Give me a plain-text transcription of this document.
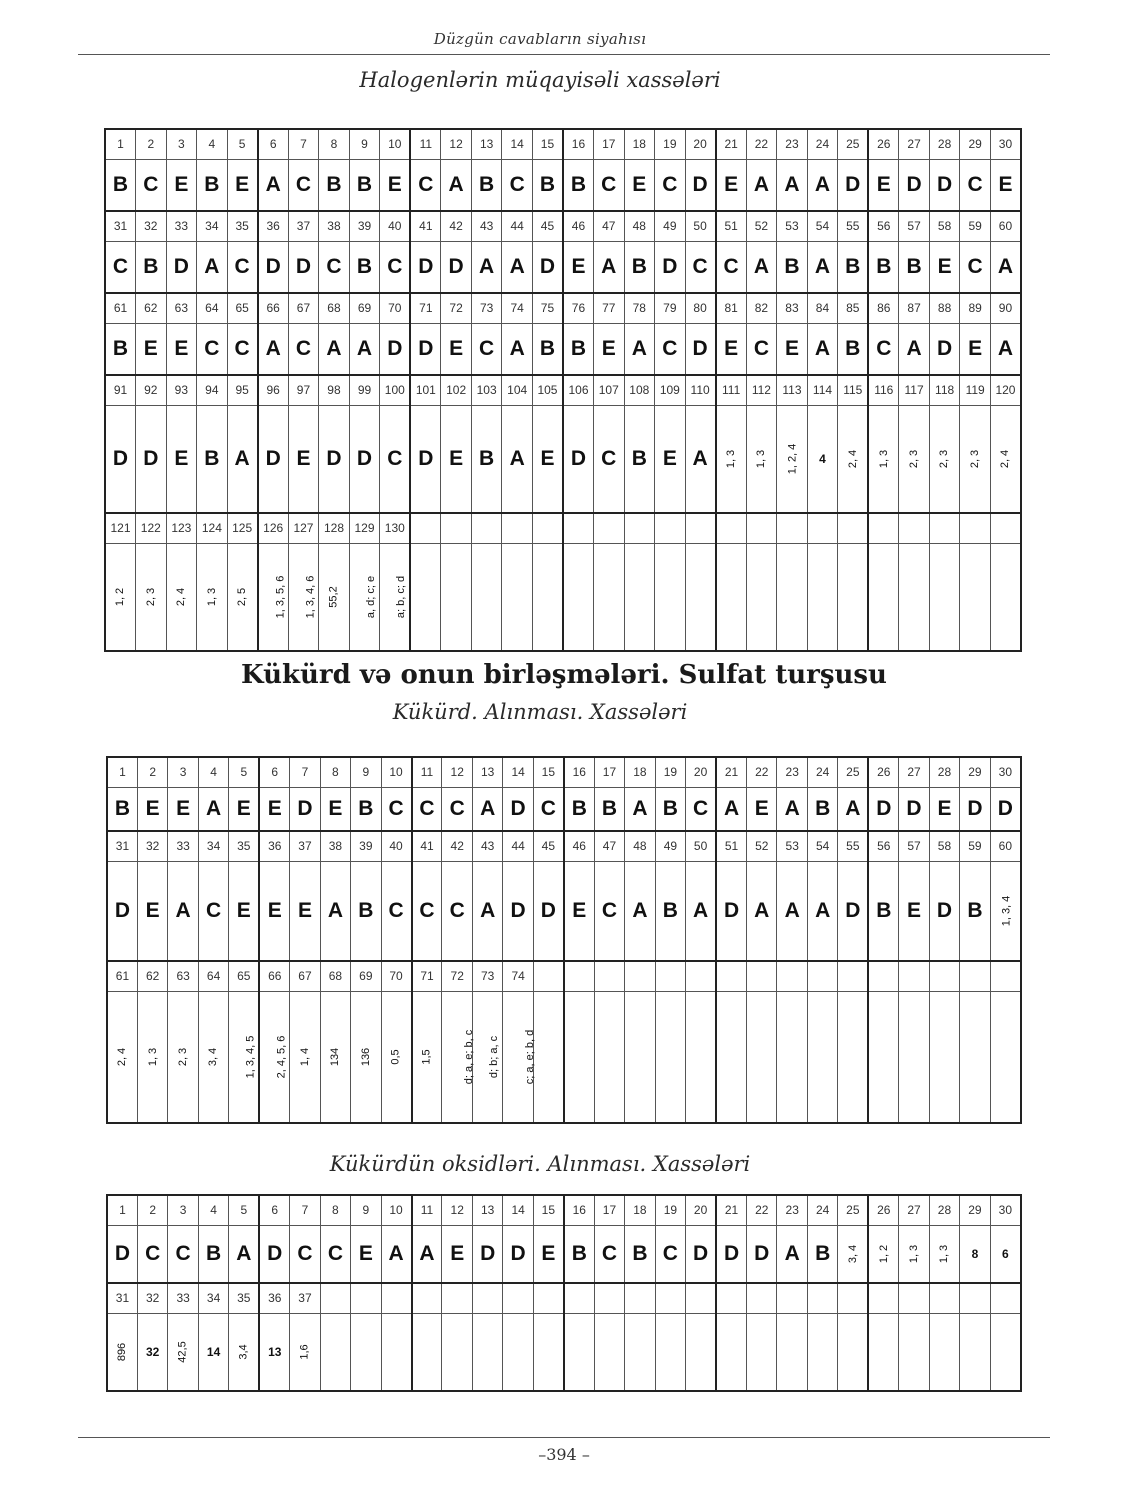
Düzgün cavabların siyahısı
Halogenlərin müqayisəli xassələri
1	2	3	4	5	6	7	8	9	10	11	12	13	14	15	16	17	18	19	20	21	22	23	24	25	26	27	28	29	30
B	C	E	B	E	A	C	B	B	E	C	A	B	C	B	B	C	E	C	D	E	A	A	A	D	E	D	D	C	E
31	32	33	34	35	36	37	38	39	40	41	42	43	44	45	46	47	48	49	50	51	52	53	54	55	56	57	58	59	60
C	B	D	A	C	D	D	C	B	C	D	D	A	A	D	E	A	B	D	C	C	A	B	A	B	B	B	E	C	A
61	62	63	64	65	66	67	68	69	70	71	72	73	74	75	76	77	78	79	80	81	82	83	84	85	86	87	88	89	90
B	E	E	C	C	A	C	A	A	D	D	E	C	A	B	B	E	A	C	D	E	C	E	A	B	C	A	D	E	A
91	92	93	94	95	96	97	98	99	100	101	102	103	104	105	106	107	108	109	110	111	112	113	114	115	116	117	118	119	120
D	D	E	B	A	D	E	D	D	C	D	E	B	A	E	D	C	B	E	A	1, 3	1, 3	1, 2, 4	4	2, 4	1, 3	2, 3	2, 3	2, 3	2, 4
121	122	123	124	125	126	127	128	129	130																				
1, 2	2, 3	2, 4	1, 3	2, 5	1, 3, 5, 6	1, 3, 4, 6	55,2	a, d; c; e	a; b, c; d																				
Kükürd və onun birləşmələri. Sulfat turşusu
Kükürd. Alınması. Xassələri
1	2	3	4	5	6	7	8	9	10	11	12	13	14	15	16	17	18	19	20	21	22	23	24	25	26	27	28	29	30
B	E	E	A	E	E	D	E	B	C	C	C	A	D	C	B	B	A	B	C	A	E	A	B	A	D	D	E	D	D
31	32	33	34	35	36	37	38	39	40	41	42	43	44	45	46	47	48	49	50	51	52	53	54	55	56	57	58	59	60
D	E	A	C	E	E	E	A	B	C	C	C	A	D	D	E	C	A	B	A	D	A	A	A	D	B	E	D	B	1, 3, 4
61	62	63	64	65	66	67	68	69	70	71	72	73	74																
2, 4	1, 3	2, 3	3, 4	1, 3, 4, 5	2, 4, 5, 6	1, 4	134	136	0,5	1,5	d; a, e; b, c	d; b; a, c	c; a, e; b, d																
Kükürdün oksidləri. Alınması. Xassələri
1	2	3	4	5	6	7	8	9	10	11	12	13	14	15	16	17	18	19	20	21	22	23	24	25	26	27	28	29	30
D	C	C	B	A	D	C	C	E	A	A	E	D	D	E	B	C	B	C	D	D	D	A	B	3, 4	1, 2	1, 3	1, 3	8	6
31	32	33	34	35	36	37																							
896	32	42,5	14	3,4	13	1,6																							
–394 –
